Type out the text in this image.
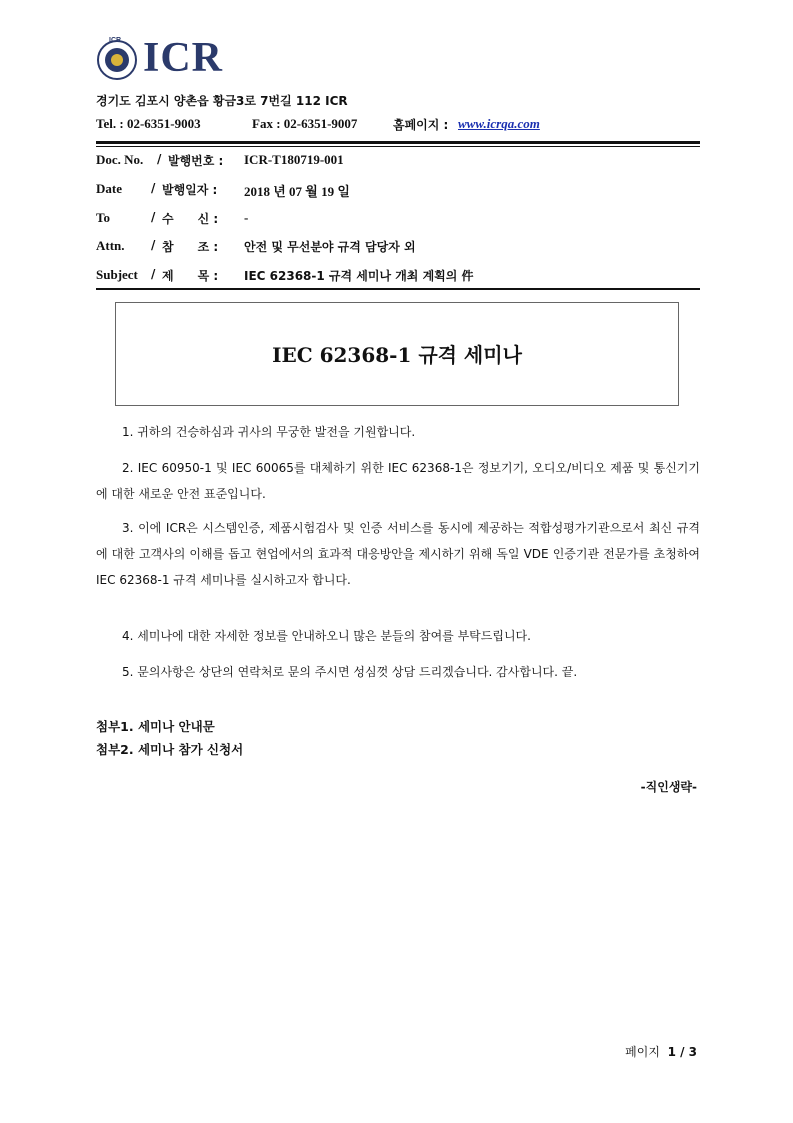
ICR ICR
경기도 김포시 양촌읍 황금3로 7번길 112 ICR
Tel. : 02-6351-9003	Fax : 02-6351-9007	홈페이지 : www.icrqa.com
Doc. No. / 발행번호 : ICR-T180719-001
Date / 발행일자 : 2018 년 07 월 19 일
To	/ 수　　신 : -
Attn. / 참　　조 : 안전 및 무선분야 규격 담당자 외
Subject / 제　　목 : IEC 62368-1 규격 세미나 개최 계획의 件
IEC 62368-1 규격 세미나
1. 귀하의 건승하심과 귀사의 무궁한 발전을 기원합니다.
2. IEC 60950-1 및 IEC 60065를 대체하기 위한 IEC 62368-1은 정보기기, 오디오/비디오 제품 및 통신기기에 대한 새로운 안전 표준입니다.
3. 이에 ICR은 시스템인증, 제품시험검사 및 인증 서비스를 동시에 제공하는 적합성평가기관으로서 최신 규격에 대한 고객사의 이해를 돕고 현업에서의 효과적 대응방안을 제시하기 위해 독일 VDE 인증기관 전문가를 초청하여 IEC 62368-1 규격 세미나를 실시하고자 합니다.
4. 세미나에 대한 자세한 정보를 안내하오니 많은 분들의 참여를 부탁드립니다.
5. 문의사항은 상단의 연락처로 문의 주시면 성심껏 상담 드리겠습니다. 감사합니다. 끝.
첨부1. 세미나 안내문
첨부2. 세미나 참가 신청서
-직인생략-
페이지 1 / 3
